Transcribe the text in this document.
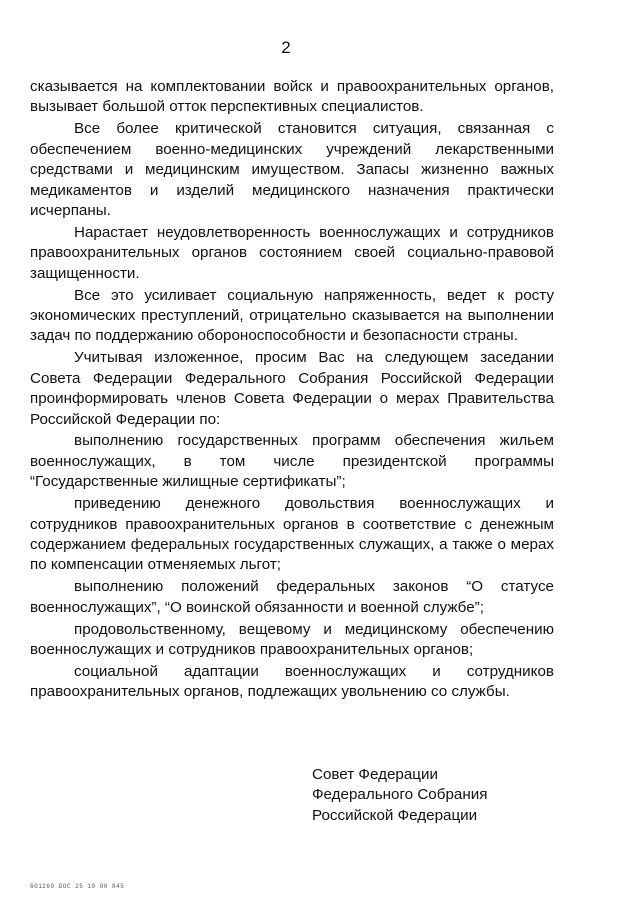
2

сказывается на комплектовании войск и правоохранительных органов, вызывает большой отток перспективных специалистов.

Все более критической становится ситуация, связанная с обеспечением военно-медицинских учреждений лекарственными средствами и медицинским имуществом. Запасы жизненно важных медикаментов и изделий медицинского назначения практически исчерпаны.

Нарастает неудовлетворенность военнослужащих и сотрудников правоохранительных органов состоянием своей социально-правовой защищенности.

Все это усиливает социальную напряженность, ведет к росту экономических преступлений, отрицательно сказывается на выполнении задач по поддержанию обороноспособности и безопасности страны.

Учитывая изложенное, просим Вас на следующем заседании Совета Федерации Федерального Собрания Российской Федерации проинформировать членов Совета Федерации о мерах Правительства Российской Федерации по:

выполнению государственных программ обеспечения жильем военнослужащих, в том числе президентской программы “Государственные жилищные сертификаты”;

приведению денежного довольствия военнослужащих и сотрудников правоохранительных органов в соответствие с денежным содержанием федеральных государственных служащих, а также о мерах по компенсации отменяемых льгот;

выполнению положений федеральных законов “О статусе военнослужащих”, “О воинской обязанности и военной службе”;

продовольственному, вещевому и медицинскому обеспечению военнослужащих и сотрудников правоохранительных органов;

социальной адаптации военнослужащих и сотрудников правоохранительных органов, подлежащих увольнению со службы.

Совет Федерации
Федерального Собрания
Российской Федерации
601269 DOC 25 10 00 845
